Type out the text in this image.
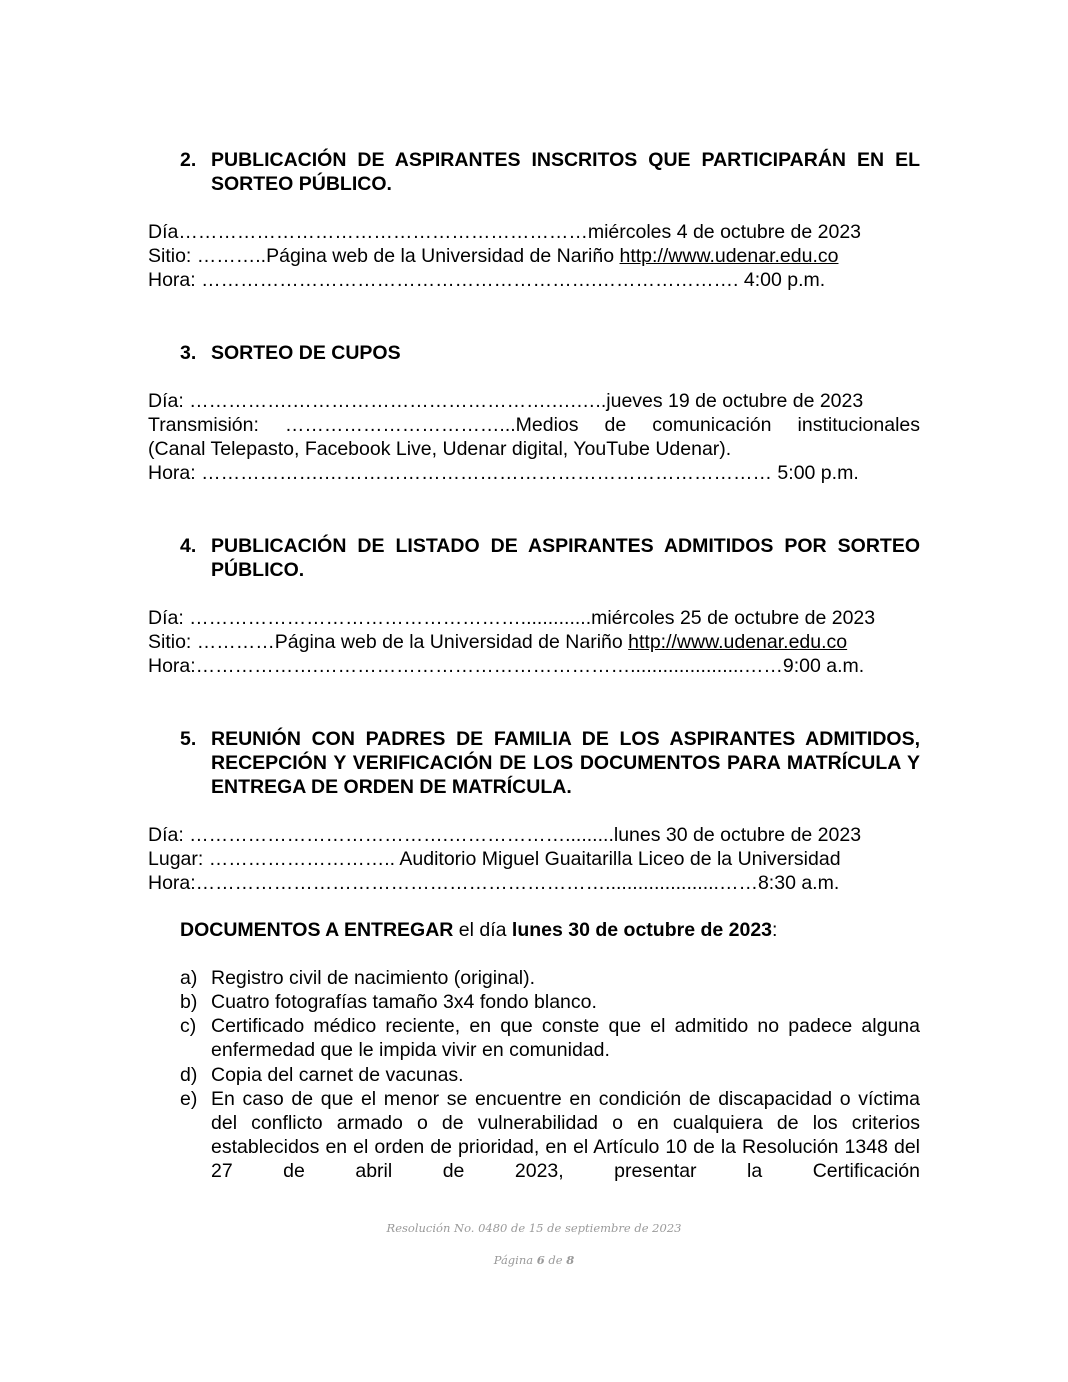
2. PUBLICACIÓN DE ASPIRANTES INSCRITOS QUE PARTICIPARÁN EN EL SORTEO PÚBLICO.
Día………………………………………………………miércoles 4 de octubre de 2023
Sitio: ………..Página web de la Universidad de Nariño http://www.udenar.edu.co
Hora: …………………………………………………….…………………. 4:00 p.m.
3. SORTEO DE CUPOS
Día: …………….………………………………….….…..jueves 19 de octubre de 2023
Transmisión: ……………………………...Medios de comunicación institucionales
(Canal Telepasto, Facebook Live, Udenar digital, YouTube Udenar).
Hora: ……………….…………………………………………………………… 5:00 p.m.
4. PUBLICACIÓN DE LISTADO DE ASPIRANTES ADMITIDOS POR SORTEO PÚBLICO.
Día: …………………………………………….............miércoles 25 de octubre de 2023
Sitio: …………Página web de la Universidad de Nariño http://www.udenar.edu.co
Hora:……………….………………………………………….....................……9:00 a.m.
5. REUNIÓN CON PADRES DE FAMILIA DE LOS ASPIRANTES ADMITIDOS, RECEPCIÓN Y VERIFICACIÓN DE LOS DOCUMENTOS PARA MATRÍCULA Y ENTREGA DE ORDEN DE MATRÍCULA.
Día: ………………………………….……………….........lunes 30 de octubre de 2023
Lugar: ……………………….. Auditorio Miguel Guaitarilla Liceo de la Universidad
Hora:……………………………………………………….....................……8:30 a.m.
DOCUMENTOS A ENTREGAR el día lunes 30 de octubre de 2023:
a) Registro civil de nacimiento (original).
b) Cuatro fotografías tamaño 3x4 fondo blanco.
c) Certificado médico reciente, en que conste que el admitido no padece alguna enfermedad que le impida vivir en comunidad.
d) Copia del carnet de vacunas.
e) En caso de que el menor se encuentre en condición de discapacidad o víctima del conflicto armado o de vulnerabilidad o en cualquiera de los criterios establecidos en el orden de prioridad, en el Artículo 10 de la Resolución 1348 del 27 de abril de 2023, presentar la Certificación
Resolución No. 0480 de 15 de septiembre de 2023
Página 6 de 8
